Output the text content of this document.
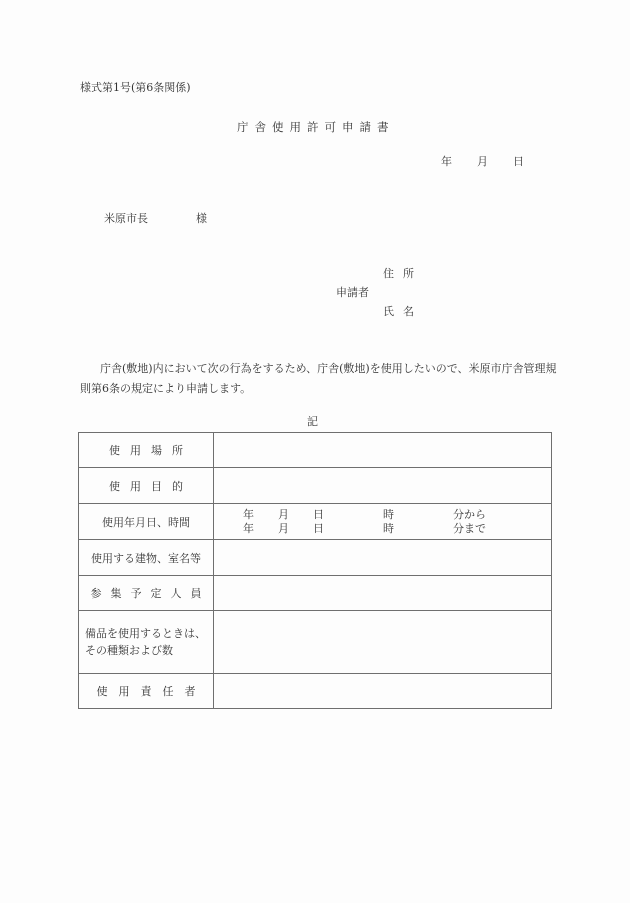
様式第1号(第6条関係)
庁舎使用許可申請書
年 月 日
米原市長	様
住所
申請者
氏名
庁舎(敷地)内において次の行為をするため、庁舎(敷地)を使用したいので、米原市庁舎管理規則第6条の規定により申請します。
記
使用場所	
使用目的	
使用年月日、時間	
年 月 日	時	分から
年 月 日	時	分まで

使用する建物、室名等	
参集予定人員	

備品を使用するときは、
その種類および数	

使用責任者	
